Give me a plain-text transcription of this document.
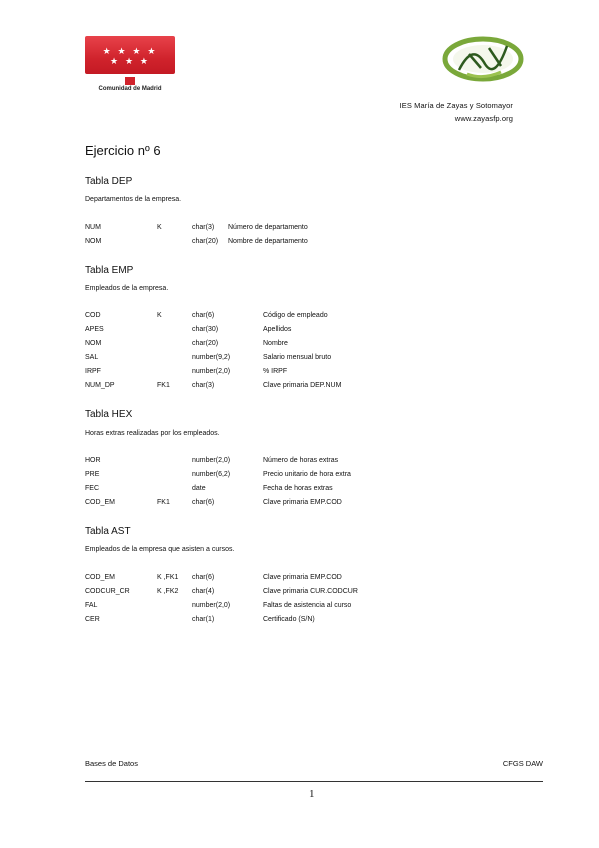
★ ★ ★ ★
★ ★ ★
Comunidad de Madrid
IES María de Zayas y Sotomayor
www.zayasfp.org
Ejercicio nº 6
Tabla DEP
Departamentos de la empresa.
NUM	K	char(3) Número de departamento
NOM	char(20) Nombre de departamento
Tabla EMP
Empleados de la empresa.
COD	K	char(6)	Código de empleado
APES	char(30)	Apellidos
NOM	char(20)	Nombre
SAL	number(9,2)	Salario mensual bruto
IRPF	number(2,0)	% IRPF
NUM_DP	FK1	char(3)	Clave primaria DEP.NUM
Tabla HEX
Horas extras realizadas por los empleados.
HOR	number(2,0)	Número de horas extras
PRE	number(6,2)	Precio unitario de hora extra
FEC	date	Fecha de horas extras
COD_EM	FK1	char(6)	Clave primaria EMP.COD
Tabla AST
Empleados de la empresa que asisten a cursos.
COD_EM	K ,FK1 char(6)	Clave primaria EMP.COD
CODCUR_CR	K ,FK2 char(4)	Clave primaria CUR.CODCUR
FAL	number(2,0)	Faltas de asistencia al curso
CER	char(1)	Certificado (S/N)
Bases de Datos	CFGS DAW
1
